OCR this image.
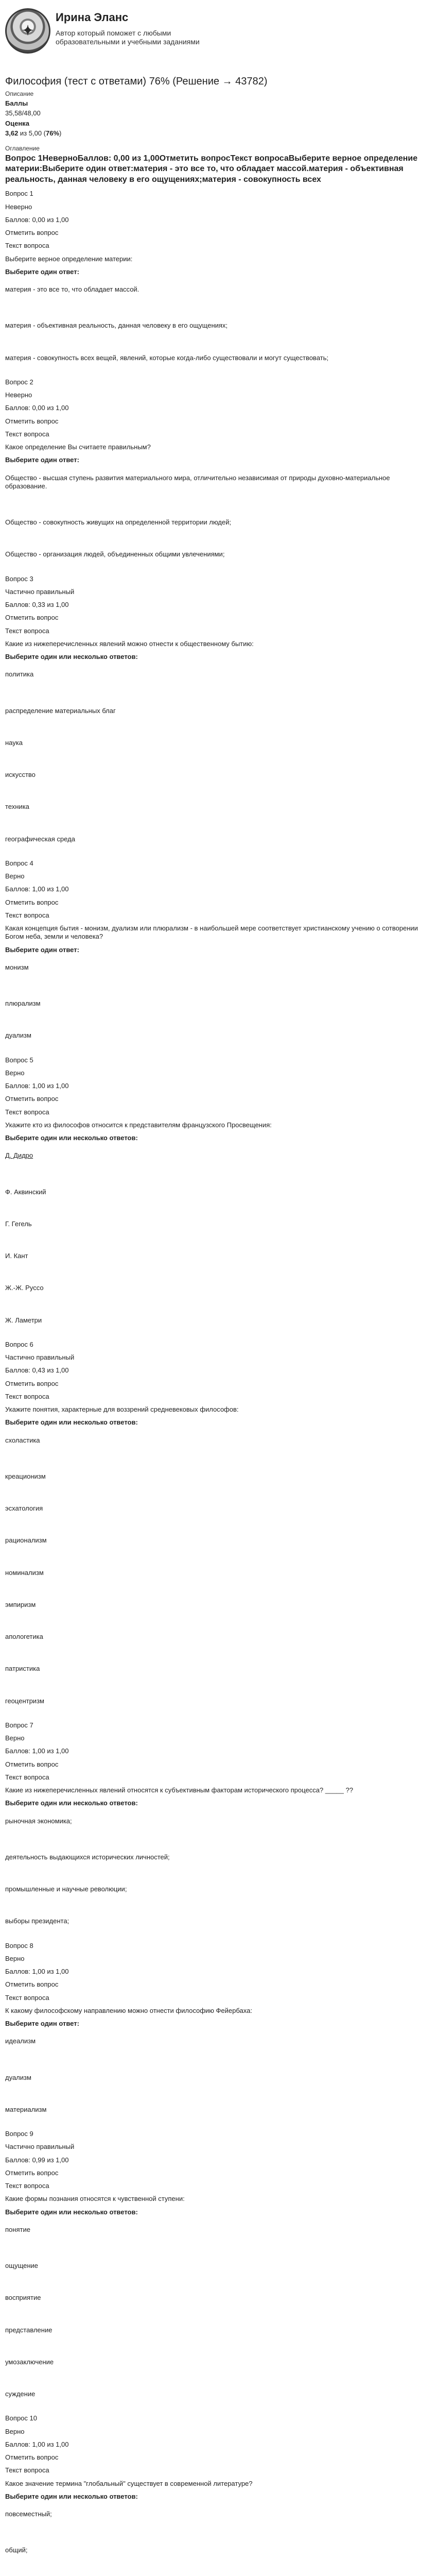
✦
Ирина Эланс
Автор который поможет с любыми образовательными и учебными заданиями
Философия (тест с ответами) 76% (Решение → 43782)
Описание
Баллы
35,58/48,00
Оценка
3,62 из 5,00 (76%)
Оглавление
Вопрос 1НеверноБаллов: 0,00 из 1,00Отметить вопросТекст вопросаВыберите верное определение материи:Выберите один ответ:материя - это все то, что обладает массой.материя - объективная реальность, данная человеку в его ощущениях;материя - совокупность всех
Вопрос 1
Неверно
Баллов: 0,00 из 1,00
Отметить вопрос
Текст вопроса
Выберите верное определение материи:
Выберите один ответ:
материя - это все то, что обладает массой.
материя - объективная реальность, данная человеку в его ощущениях;
материя - совокупность всех вещей, явлений, которые когда-либо существовали и могут существовать;
Вопрос 2
Неверно
Баллов: 0,00 из 1,00
Отметить вопрос
Текст вопроса
Какое определение Вы считаете правильным?
Выберите один ответ:
Общество - высшая ступень развития материального мира, отличительно независимая от природы духовно-материальное образование.
Общество - совокупность живущих на определенной территории людей;
Общество - организация людей, объединенных общими увлечениями;
Вопрос 3
Частично правильный
Баллов: 0,33 из 1,00
Отметить вопрос
Текст вопроса
Какие из нижеперечисленных явлений можно отнести к общественному бытию:
Выберите один или несколько ответов:
политика
распределение материальных благ
наука
искусство
техника
географическая среда
Вопрос 4
Верно
Баллов: 1,00 из 1,00
Отметить вопрос
Текст вопроса
Какая концепция бытия - монизм, дуализм или плюрализм - в наибольшей мере соответствует христианскому учению о сотворении Богом неба, земли и человека?
Выберите один ответ:
монизм
плюрализм
дуализм
Вопрос 5
Верно
Баллов: 1,00 из 1,00
Отметить вопрос
Текст вопроса
Укажите кто из философов относится к представителям французского Просвещения:
Выберите один или несколько ответов:
Д. Дидро
Ф. Аквинский
Г. Гегель
И. Кант
Ж.-Ж. Руссо
Ж. Ламетри
Вопрос 6
Частично правильный
Баллов: 0,43 из 1,00
Отметить вопрос
Текст вопроса
Укажите понятия, характерные для воззрений средневековых философов:
Выберите один или несколько ответов:
схоластика
креационизм
эсхатология
рационализм
номинализм
эмпиризм
апологетика
патристика
геоцентризм
Вопрос 7
Верно
Баллов: 1,00 из 1,00
Отметить вопрос
Текст вопроса
Какие из нижеперечисленных явлений относятся к субъективным факторам исторического процесса? _____ ??
Выберите один или несколько ответов:
рыночная экономика;
деятельность выдающихся исторических личностей;
промышленные и научные революции;
выборы президента;
Вопрос 8
Верно
Баллов: 1,00 из 1,00
Отметить вопрос
Текст вопроса
К какому философскому направлению можно отнести философию Фейербаха:
Выберите один ответ:
идеализм
дуализм
материализм
Вопрос 9
Частично правильный
Баллов: 0,99 из 1,00
Отметить вопрос
Текст вопроса
Какие формы познания относятся к чувственной ступени:
Выберите один или несколько ответов:
понятие
ощущение
восприятие
представление
умозаключение
суждение
Вопрос 10
Верно
Баллов: 1,00 из 1,00
Отметить вопрос
Текст вопроса
Какое значение термина "глобальный" существует в современной литературе?
Выберите один или несколько ответов:
повсеместный;
общий;
